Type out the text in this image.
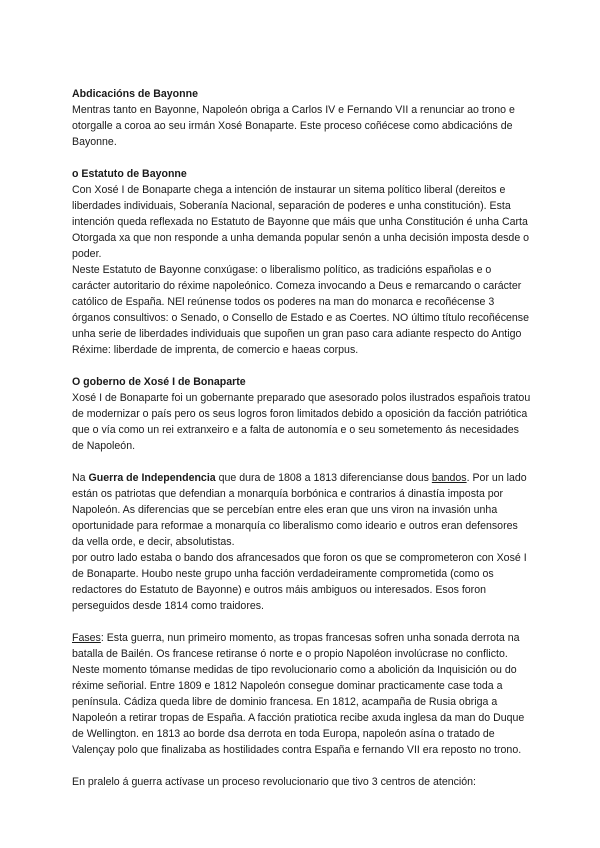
Abdicacións de Bayonne
Mentras tanto en Bayonne, Napoleón obriga a Carlos IV e Fernando VII a renunciar ao trono e otorgalle a coroa ao seu irmán Xosé Bonaparte. Este proceso coñécese como abdicacións de Bayonne.
o Estatuto de Bayonne
Con Xosé I de Bonaparte chega a intención de instaurar un sitema político liberal (dereitos e liberdades individuais, Soberanía Nacional, separación de poderes e unha constitución). Esta intención queda reflexada no Estatuto de Bayonne que máis que unha Constitución é unha Carta Otorgada xa que non responde a unha demanda popular senón a unha decisión imposta desde o poder.
Neste Estatuto de Bayonne conxúgase: o liberalismo político, as tradicións españolas e o carácter autoritario do réxime napoleónico. Comeza invocando a Deus e remarcando o carácter católico de España. NEl reúnense todos os poderes na man do monarca e recoñécense 3 órganos consultivos: o Senado, o Consello de Estado e as Coertes. NO último título recoñécense unha serie de liberdades individuais que supoñen un gran paso cara adiante respecto do Antigo Réxime: liberdade de imprenta, de comercio e haeas corpus.
O goberno de Xosé I de Bonaparte
Xosé I de Bonaparte foi un gobernante preparado que asesorado polos ilustrados españois tratou de modernizar o país pero os seus logros foron limitados debido a oposición da facción patriótica que o vía como un rei extranxeiro e a falta de autonomía e o seu sometemento ás necesidades de Napoleón.
Na Guerra de Independencia que dura de 1808 a 1813 diferencianse dous bandos. Por un lado están os patriotas que defendian a monarquía borbónica e contrarios á dinastía imposta por Napoleón. As diferencias que se percebían entre eles eran que uns viron na invasión unha oportunidade para reformae a monarquía co liberalismo como ideario e outros eran defensores da vella orde, e decir, absolutistas.
por outro lado estaba o bando dos afrancesados que foron os que se comprometeron con Xosé I de Bonaparte. Houbo neste grupo unha facción verdadeiramente comprometida (como os redactores do Estatuto de Bayonne) e outros máis ambiguos ou interesados. Esos foron perseguidos desde 1814 como traidores.
Fases: Esta guerra, nun primeiro momento, as tropas francesas sofren unha sonada derrota na batalla de Bailén. Os francese retiranse ó norte e o propio Napoléon involúcrase no conflicto. Neste momento tómanse medidas de tipo revolucionario como a abolición da Inquisición ou do réxime señorial. Entre 1809 e 1812 Napoleón consegue dominar practicamente case toda a península. Cádiza queda libre de dominio francesa. En 1812, acampaña de Rusia obriga a Napoleón a retirar tropas de España. A facción pratiotica recibe axuda inglesa da man do Duque de Wellington. en 1813 ao borde dsa derrota en toda Europa, napoleón asína o tratado de Valençay polo que finalizaba as hostilidades contra España e fernando VII era reposto no trono.
En pralelo á guerra actívase un proceso revolucionario que tivo 3 centros de atención:
